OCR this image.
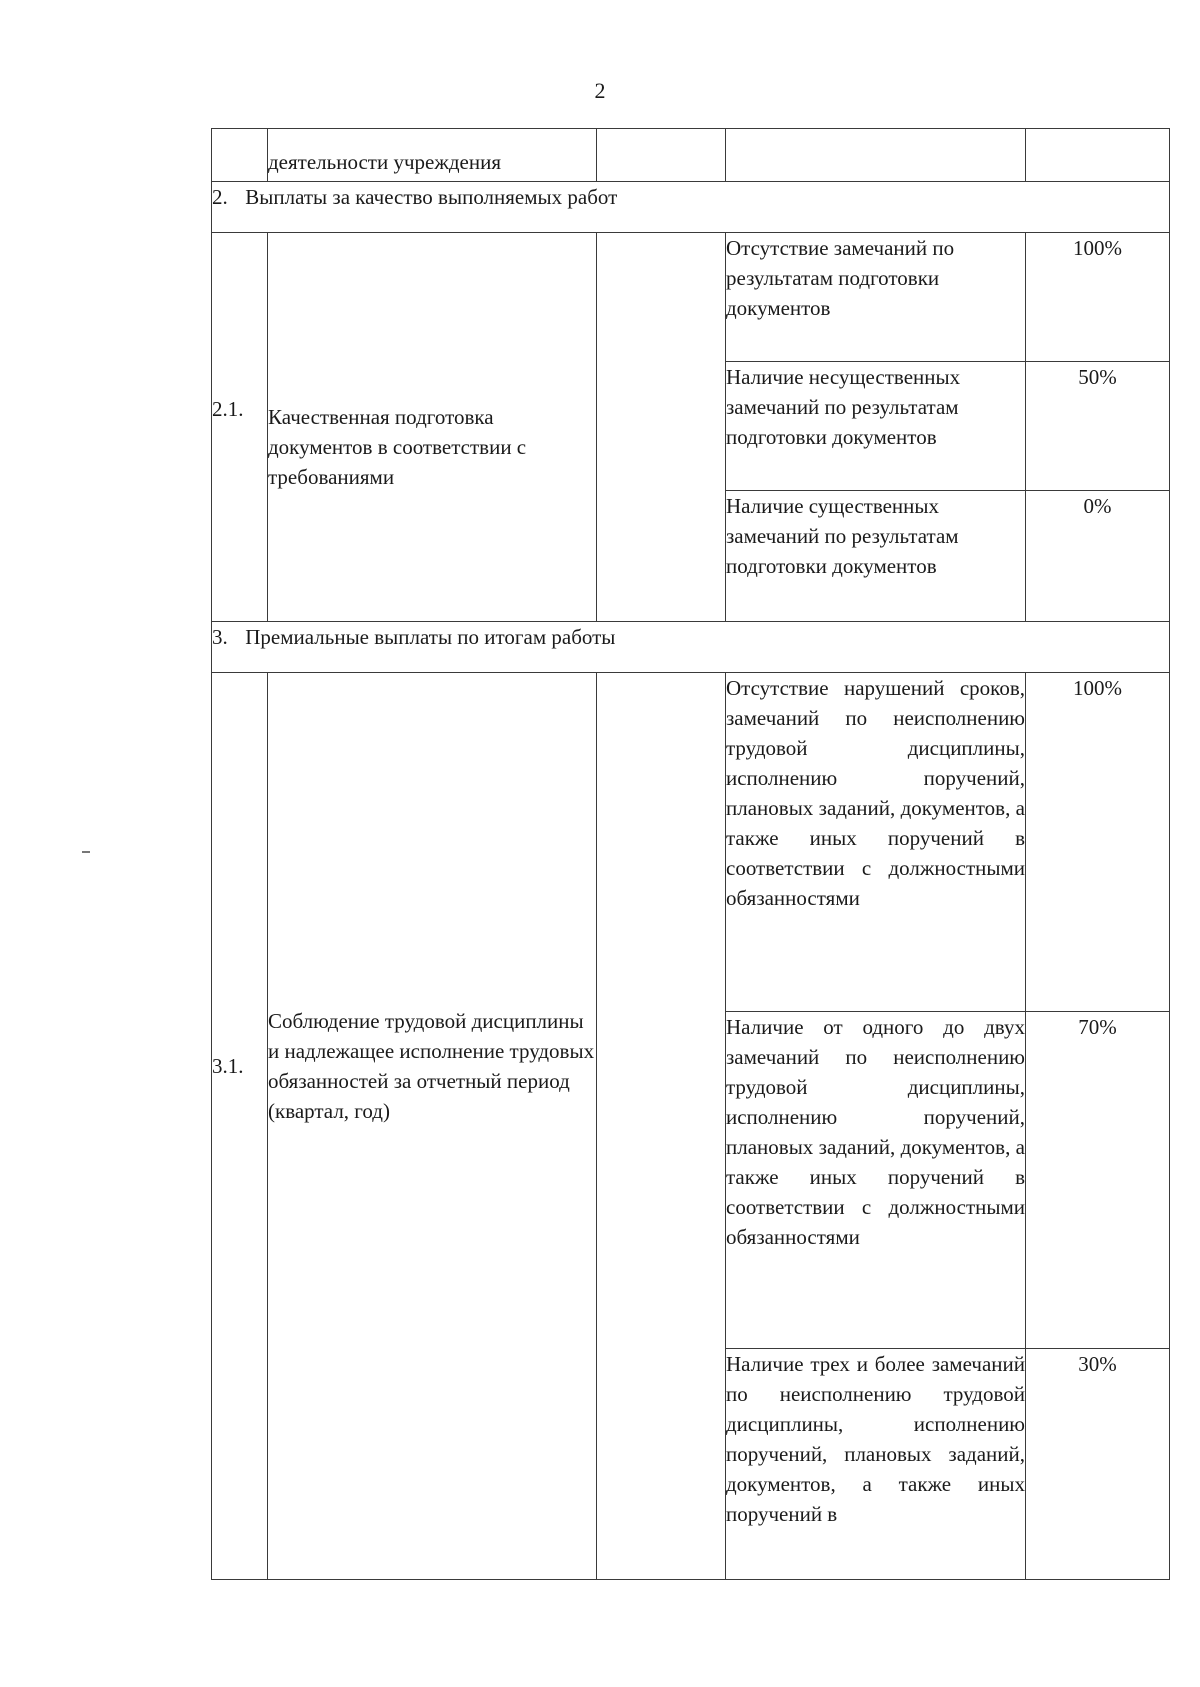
2
	деятельности учреждения			
2. Выплаты за качество выполняемых работ				
2.1.	Качественная подготовка документов в соответствии с требованиями		Отсутствие замечаний по результатам подготовки документов	100%
			Наличие несущественных замечаний по результатам подготовки документов	50%
			Наличие существенных замечаний по результатам подготовки документов	0%
3. Премиальные выплаты по итогам работы				
3.1.	Соблюдение трудовой дисциплины и надлежащее исполнение трудовых обязанностей за отчетный период (квартал, год)		Отсутствие нарушений сроков, замечаний по неисполнению трудовой дисциплины, исполнению поручений, плановых заданий, документов, а также иных поручений в соответствии с должностными обязанностями	100%
			Наличие от одного до двух замечаний по неисполнению трудовой дисциплины, исполнению поручений, плановых заданий, документов, а также иных поручений в соответствии с должностными обязанностями	70%
			Наличие трех и более замечаний по неисполнению трудовой дисциплины, исполнению поручений, плановых заданий, документов, а также иных поручений в	30%
